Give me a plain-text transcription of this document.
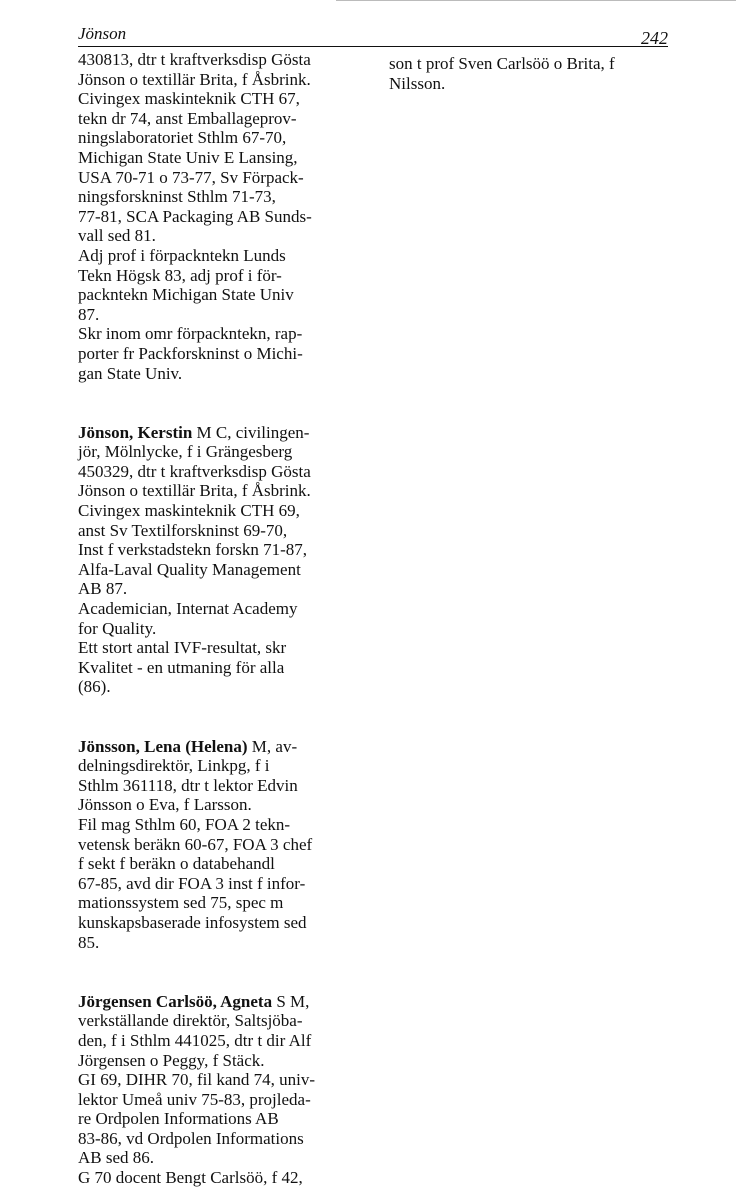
Jönson	242
430813, dtr t kraftverksdisp Gösta
Jönson o textillär Brita, f Åsbrink.
Civingex maskinteknik CTH 67,
tekn dr 74, anst Emballageprov-
ningslaboratoriet Sthlm 67-70,
Michigan State Univ E Lansing,
USA 70-71 o 73-77, Sv Förpack-
ningsforskninst Sthlm 71-73,
77-81, SCA Packaging AB Sunds-
vall sed 81.
Adj prof i förpackntekn Lunds
Tekn Högsk 83, adj prof i för-
packntekn Michigan State Univ
87.
Skr inom omr förpackntekn, rap-
porter fr Packforskninst o Michi-
gan State Univ.
Jönson, Kerstin M C, civilingen-
jör, Mölnlycke, f i Grängesberg
450329, dtr t kraftverksdisp Gösta
Jönson o textillär Brita, f Åsbrink.
Civingex maskinteknik CTH 69,
anst Sv Textilforskninst 69-70,
Inst f verkstadstekn forskn 71-87,
Alfa-Laval Quality Management
AB 87.
Academician, Internat Academy
for Quality.
Ett stort antal IVF-resultat, skr
Kvalitet - en utmaning för alla
(86).
Jönsson, Lena (Helena) M, av-
delningsdirektör, Linkpg, f i
Sthlm 361118, dtr t lektor Edvin
Jönsson o Eva, f Larsson.
Fil mag Sthlm 60, FOA 2 tekn-
vetensk beräkn 60-67, FOA 3 chef
f sekt f beräkn o databehandl
67-85, avd dir FOA 3 inst f infor-
mationssystem sed 75, spec m
kunskapsbaserade infosystem sed
85.
Jörgensen Carlsöö, Agneta S M,
verkställande direktör, Saltsjöba-
den, f i Sthlm 441025, dtr t dir Alf
Jörgensen o Peggy, f Stäck.
GI 69, DIHR 70, fil kand 74, univ-
lektor Umeå univ 75-83, projleda-
re Ordpolen Informations AB
83-86, vd Ordpolen Informations
AB sed 86.
G 70 docent Bengt Carlsöö, f 42,
son t prof Sven Carlsöö o Brita, f
Nilsson.
